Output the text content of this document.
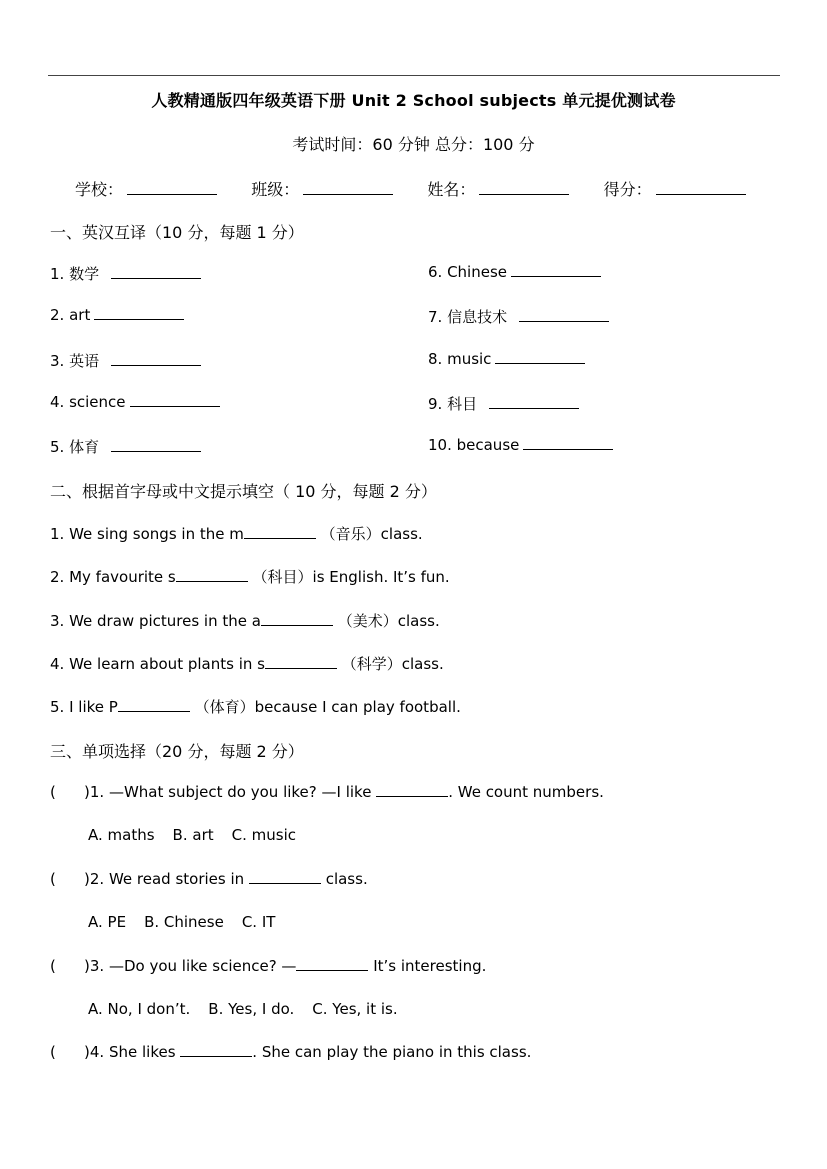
人教精通版四年级英语下册 Unit 2 School subjects 单元提优测试卷
考试时间：60 分钟 总分：100 分
学校：	班级：	姓名：	得分：
一、英汉互译（10 分，每题 1 分）
1. 数学
2. art
3. 英语
4. science
5. 体育
6. Chinese
7. 信息技术
8. music
9. 科目
10. because
二、根据首字母或中文提示填空（ 10 分，每题 2 分）
1. We sing songs in the m	（音乐）class.
2. My favourite s	（科目）is English. It’s fun.
3. We draw pictures in the a	（美术）class.
4. We learn about plants in s	（科学）class.
5. I like P	（体育）because I can play football.
三、单项选择（20 分，每题 2 分）
( )1. —What subject do you like? —I like	. We count numbers.
A. maths B. art C. music
( )2. We read stories in	class.
A. PE B. Chinese C. IT
( )3. —Do you like science? —	It’s interesting.
A. No, I don’t. B. Yes, I do. C. Yes, it is.
( )4. She likes	. She can play the piano in this class.
